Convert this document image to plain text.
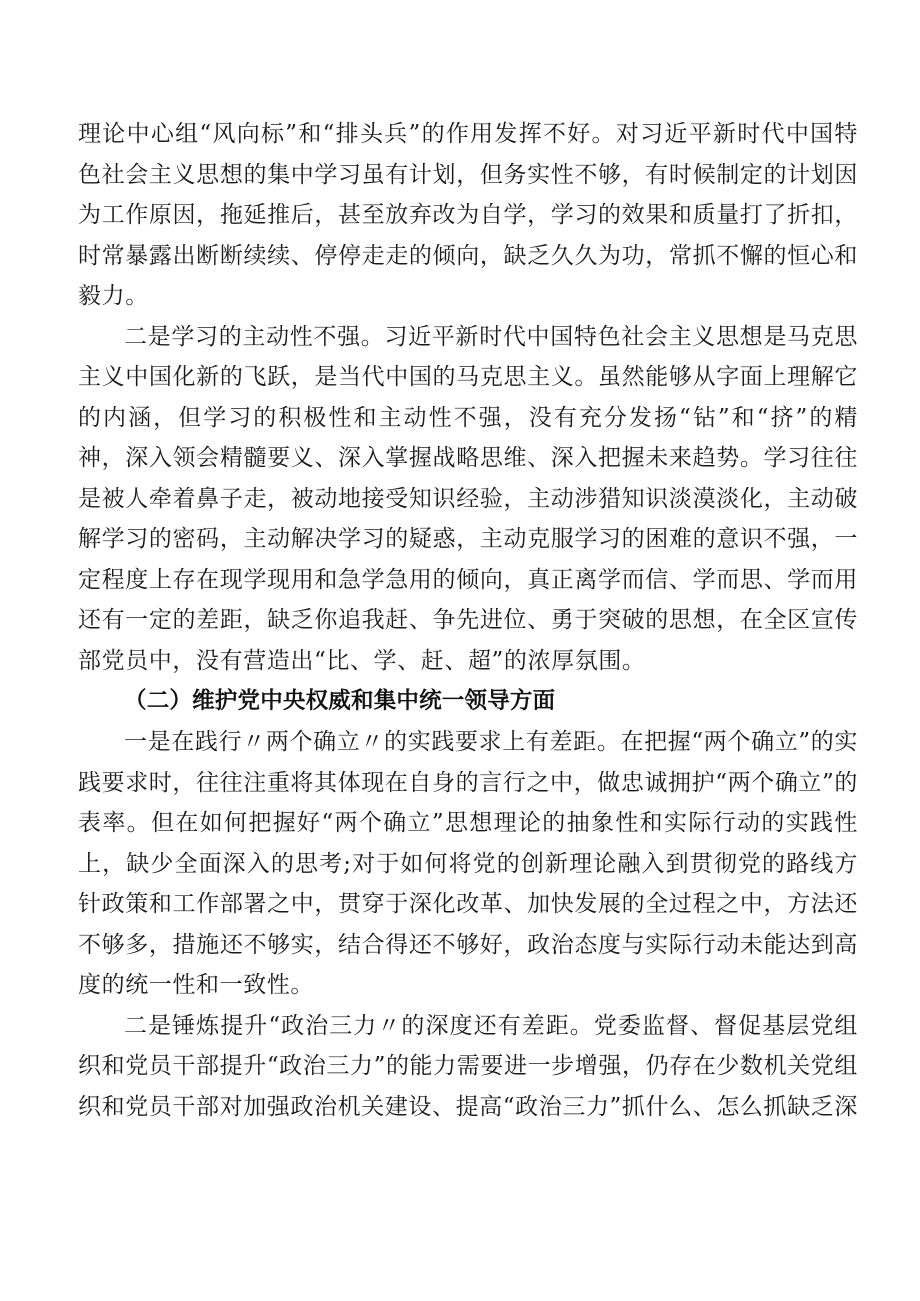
理论中心组“风向标”和“排头兵”的作用发挥不好。对习近平新时代中国特色社会主义思想的集中学习虽有计划，但务实性不够，有时候制定的计划因为工作原因，拖延推后，甚至放弃改为自学，学习的效果和质量打了折扣，时常暴露出断断续续、停停走走的倾向，缺乏久久为功，常抓不懈的恒心和毅力。

二是学习的主动性不强。习近平新时代中国特色社会主义思想是马克思主义中国化新的飞跃，是当代中国的马克思主义。虽然能够从字面上理解它的内涵，但学习的积极性和主动性不强，没有充分发扬“钻”和“挤”的精神，深入领会精髓要义、深入掌握战略思维、深入把握未来趋势。学习往往是被人牵着鼻子走，被动地接受知识经验，主动涉猎知识淡漠淡化，主动破解学习的密码，主动解决学习的疑惑，主动克服学习的困难的意识不强，一定程度上存在现学现用和急学急用的倾向，真正离学而信、学而思、学而用还有一定的差距，缺乏你追我赶、争先进位、勇于突破的思想，在全区宣传部党员中，没有营造出“比、学、赶、超”的浓厚氛围。

（二）维护党中央权威和集中统一领导方面

一是在践行〃两个确立〃的实践要求上有差距。在把握“两个确立”的实践要求时，往往注重将其体现在自身的言行之中，做忠诚拥护“两个确立”的表率。但在如何把握好“两个确立”思想理论的抽象性和实际行动的实践性上，缺少全面深入的思考;对于如何将党的创新理论融入到贯彻党的路线方针政策和工作部署之中，贯穿于深化改革、加快发展的全过程之中，方法还不够多，措施还不够实，结合得还不够好，政治态度与实际行动未能达到高度的统一性和一致性。

二是锤炼提升“政治三力〃的深度还有差距。党委监督、督促基层党组织和党员干部提升“政治三力”的能力需要进一步增强，仍存在少数机关党组织和党员干部对加强政治机关建设、提高“政治三力”抓什么、怎么抓缺乏深
